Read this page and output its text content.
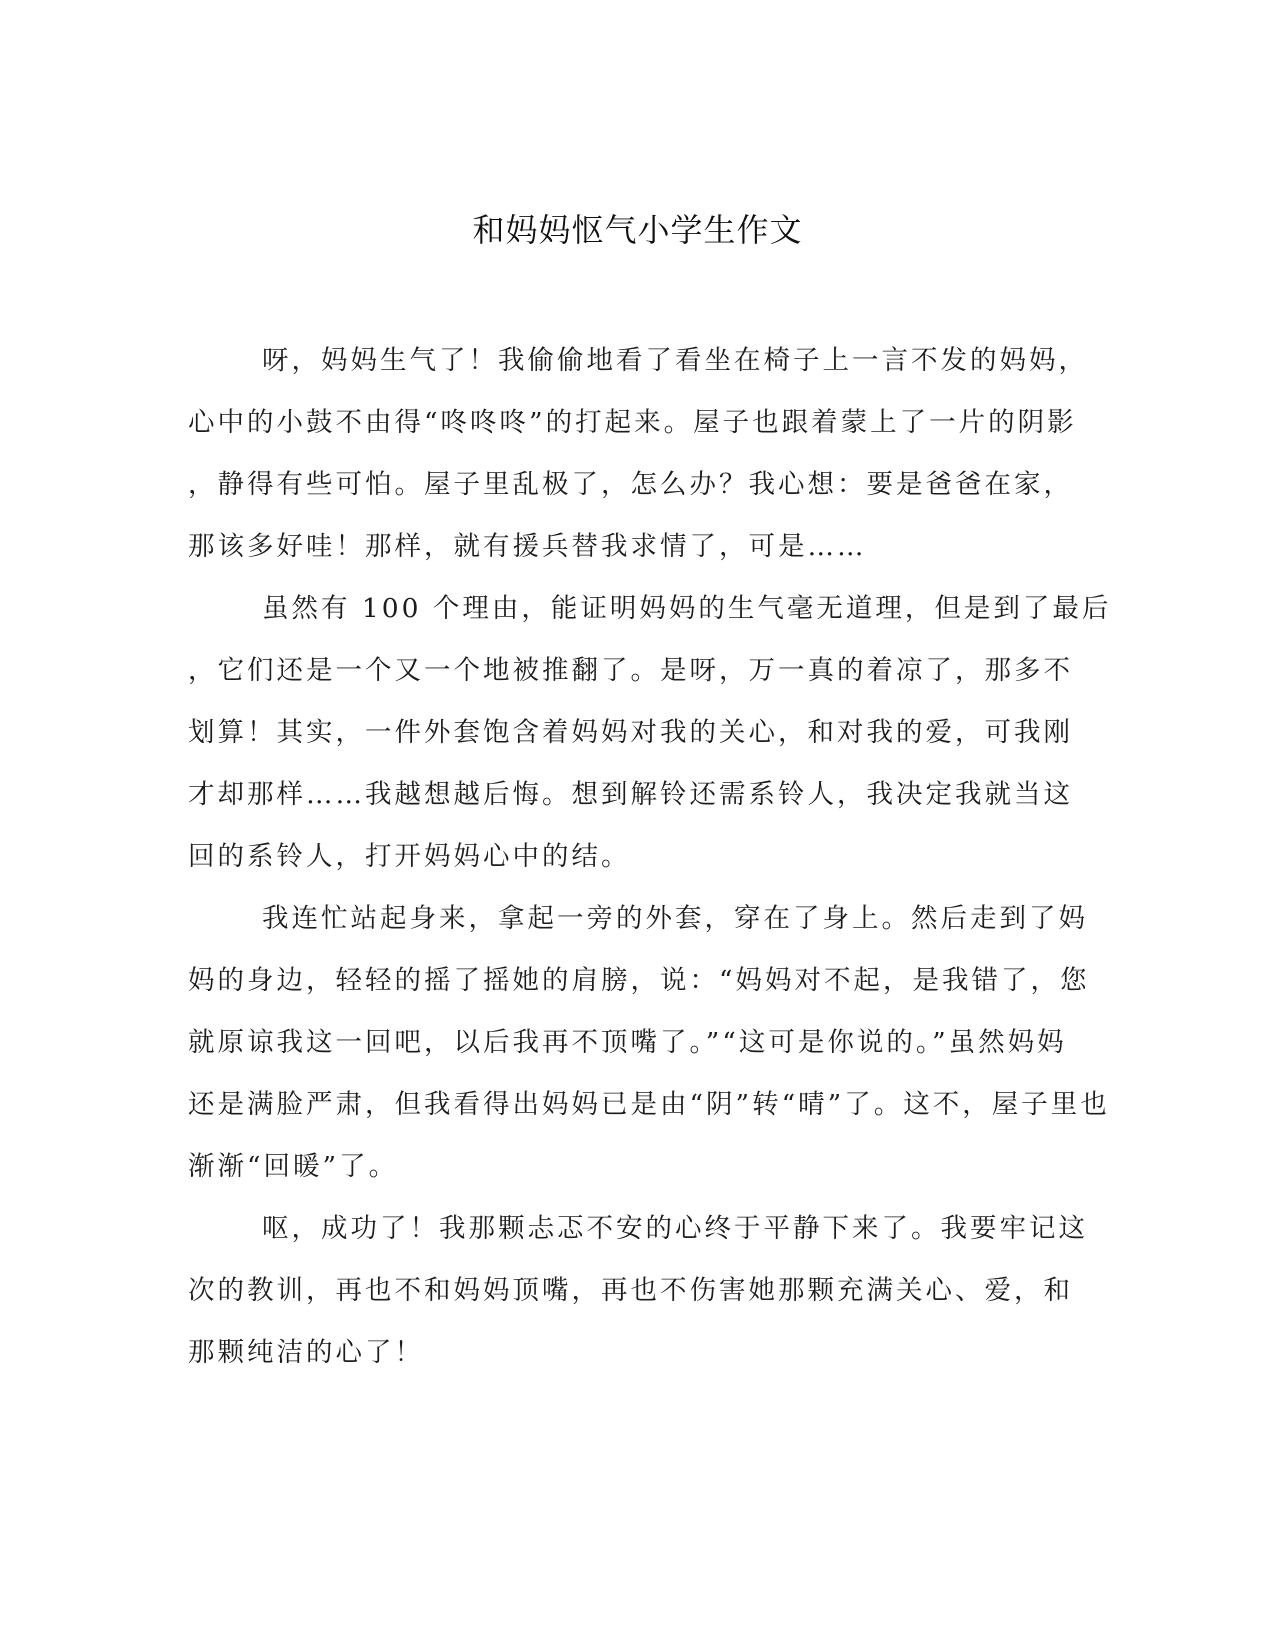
和妈妈怄气小学生作文
呀，妈妈生气了！我偷偷地看了看坐在椅子上一言不发的妈妈，
心中的小鼓不由得“咚咚咚”的打起来。屋子也跟着蒙上了一片的阴影
，静得有些可怕。屋子里乱极了，怎么办？我心想：要是爸爸在家，
那该多好哇！那样，就有援兵替我求情了，可是……
虽然有 100 个理由，能证明妈妈的生气毫无道理，但是到了最后
，它们还是一个又一个地被推翻了。是呀，万一真的着凉了，那多不
划算！其实，一件外套饱含着妈妈对我的关心，和对我的爱，可我刚
才却那样……我越想越后悔。想到解铃还需系铃人，我决定我就当这
回的系铃人，打开妈妈心中的结。
我连忙站起身来，拿起一旁的外套，穿在了身上。然后走到了妈
妈的身边，轻轻的摇了摇她的肩膀，说：“妈妈对不起，是我错了，您
就原谅我这一回吧，以后我再不顶嘴了。”“这可是你说的。”虽然妈妈
还是满脸严肃，但我看得出妈妈已是由“阴”转“晴”了。这不，屋子里也
渐渐“回暖”了。
呕，成功了！我那颗忐忑不安的心终于平静下来了。我要牢记这
次的教训，再也不和妈妈顶嘴，再也不伤害她那颗充满关心、爱，和
那颗纯洁的心了！
